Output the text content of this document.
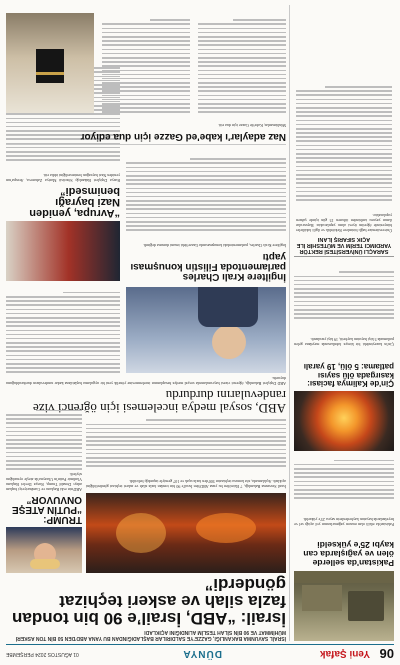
06
Yeni Şafak
DÜNYA
01 AĞUSTOS 2024 PERŞEMBE
Pakistan'da sellerde ölen ve yağışlarda can kaybı 25'e yükseldi
Pakistan'da etkili olan muson yağmurlarının yol açtığı sel ve heyelanlarda hayatını kaybedenlerin sayısı 25'e yükseldi.
Çin'de Kalimya faciası: kasırgada ölü sayısı patlama: 5 ölü, 19 yaralı
Çin'in kuzeyindeki bir kimya fabrikasında meydana gelen patlamada 5 kişi hayatını kaybetti, 19 kişi yaralandı.
SARAÇLI ÜNİVERSİTESİ REKTÖR YARDIMCI TERİM VE MÜTESHİR İLE AÇIK SIFARIŞ İLANI
Üniversitemize bağlı birimlere Rektörlük ve ilgili fakülteler bünyesinde öğretim üyesi alımı yapılacaktır. Başvurular ilanın yayımı tarihinden itibaren 15 gün içinde şahsen yapılacaktır.
İSRAİL SAVUNMA BAKANLIĞI, GAZZE'YE SALDIRILAR BAŞLADIĞINDAN BU YANA ABD'DEN 50 BİN TON ASKERİ MÜHİMMAT VE 90 BİN SİLAH TESLİM ALINDIĞINI AÇIKLADI
İsrail: “ABD, İsrail’e 90 bin tondan fazla silah ve askeri teçhizat gönderdi”
TRUMP: “PUTİN ATEŞE ONVUVOR”
ABD'nin eski Başkanı ve Cumhuriyetçi başkan adayı Donald Trump, Rusya Devlet Başkanı Vladimir Putin'in Ukrayna'da ateşle oynadığını söyledi.
İsrail Savunma Bakanlığı, 7 Ekim'den bu yana ABD'den İsrail'e 90 bin tondan fazla silah ve askeri teçhizat gönderildiğini açıkladı. Açıklamada, söz konusu teçhizatın 500'den fazla uçak ve 107 gemiyle taşındığı belirtildi.
ABD, sosyal medya incelemesi için öğrenci vize randevularını durdurdu
ABD Dışişleri Bakanlığı, öğrenci vizesi başvurularında sosyal medya hesaplarının incelenmesine yönelik yeni bir uygulama başlatılana kadar randevuların durdurulduğunu duyurdu.
“Avrupa, yeniden Nazi bayrağı benimsedi”
Rusya Dışişleri Bakanlığı Sözcüsü Mariya Zaharova, Avrupa'nın yeniden Nazi bayrağını benimsediğini iddia etti.
İngiltere Kralı Charles parlamentoda Filistin konuşması yaptı
İngiltere Kralı Charles, parlamentodaki konuşmasında Gazze'deki insani duruma değindi.
Naz adaylar'ı kabe'ed Gazze için dua ediyor
Müslümanlar, Kabe'de Gazze için dua etti.
